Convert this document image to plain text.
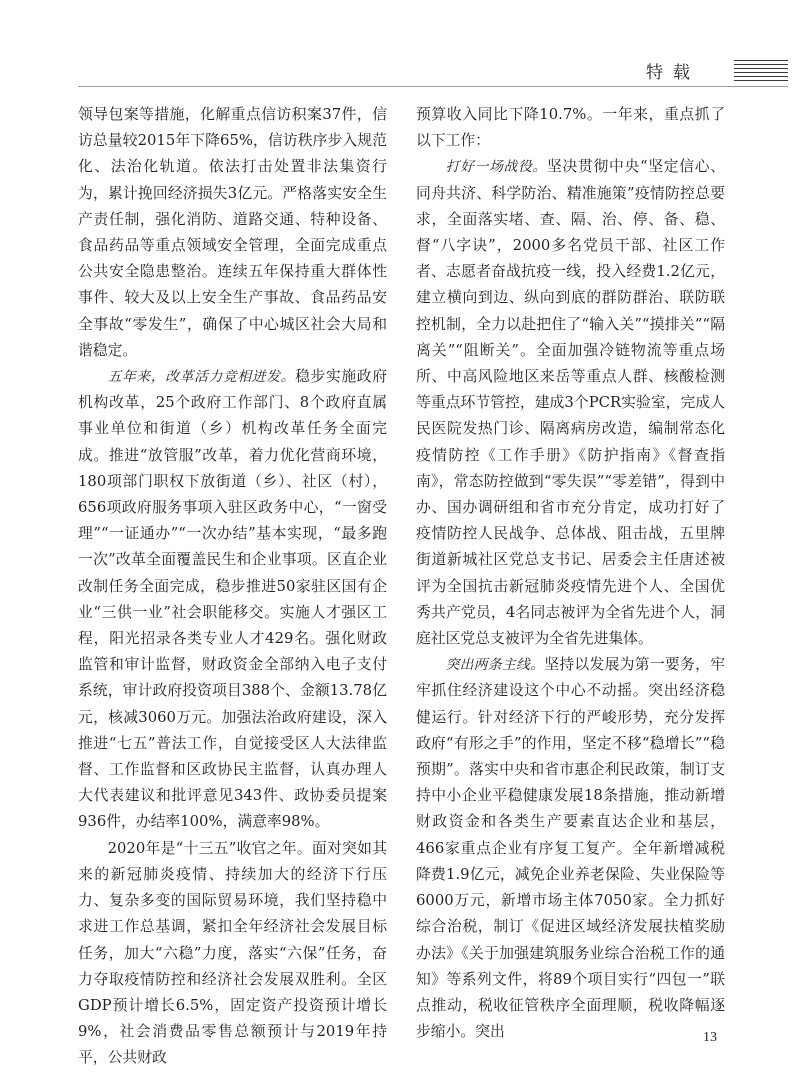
特载

领导包案等措施，化解重点信访积案37件，信访总量较2015年下降65%，信访秩序步入规范化、法治化轨道。依法打击处置非法集资行为，累计挽回经济损失3亿元。严格落实安全生产责任制，强化消防、道路交通、特种设备、食品药品等重点领域安全管理，全面完成重点公共安全隐患整治。连续五年保持重大群体性事件、较大及以上安全生产事故、食品药品安全事故“零发生”，确保了中心城区社会大局和谐稳定。

五年来，改革活力竞相迸发。稳步实施政府机构改革，25个政府工作部门、8个政府直属事业单位和街道（乡）机构改革任务全面完成。推进“放管服”改革，着力优化营商环境，180项部门职权下放街道（乡）、社区（村），656项政府服务事项入驻区政务中心，“一窗受理”“一证通办”“一次办结”基本实现，“最多跑一次”改革全面覆盖民生和企业事项。区直企业改制任务全面完成，稳步推进50家驻区国有企业“三供一业”社会职能移交。实施人才强区工程，阳光招录各类专业人才429名。强化财政监管和审计监督，财政资金全部纳入电子支付系统，审计政府投资项目388个、金额13.78亿元，核减3060万元。加强法治政府建设，深入推进“七五”普法工作，自觉接受区人大法律监督、工作监督和区政协民主监督，认真办理人大代表建议和批评意见343件、政协委员提案936件，办结率100%，满意率98%。

2020年是“十三五”收官之年。面对突如其来的新冠肺炎疫情、持续加大的经济下行压力、复杂多变的国际贸易环境，我们坚持稳中求进工作总基调，紧扣全年经济社会发展目标任务，加大“六稳”力度，落实“六保”任务，奋力夺取疫情防控和经济社会发展双胜利。全区GDP预计增长6.5%，固定资产投资预计增长9%，社会消费品零售总额预计与2019年持平，公共财政

预算收入同比下降10.7%。一年来，重点抓了以下工作：

打好一场战役。坚决贯彻中央“坚定信心、同舟共济、科学防治、精准施策”疫情防控总要求，全面落实堵、查、隔、治、停、备、稳、督“八字诀”，2000多名党员干部、社区工作者、志愿者奋战抗疫一线，投入经费1.2亿元，建立横向到边、纵向到底的群防群治、联防联控机制，全力以赴把住了“输入关”“摸排关”“隔离关”“阻断关”。全面加强冷链物流等重点场所、中高风险地区来岳等重点人群、核酸检测等重点环节管控，建成3个PCR实验室，完成人民医院发热门诊、隔离病房改造，编制常态化疫情防控《工作手册》《防护指南》《督查指南》，常态防控做到“零失误”“零差错”，得到中办、国办调研组和省市充分肯定，成功打好了疫情防控人民战争、总体战、阻击战，五里牌街道新城社区党总支书记、居委会主任唐述被评为全国抗击新冠肺炎疫情先进个人、全国优秀共产党员，4名同志被评为全省先进个人，洞庭社区党总支被评为全省先进集体。

突出两条主线。坚持以发展为第一要务，牢牢抓住经济建设这个中心不动摇。突出经济稳健运行。针对经济下行的严峻形势，充分发挥政府“有形之手”的作用，坚定不移“稳增长”“稳预期”。落实中央和省市惠企利民政策，制订支持中小企业平稳健康发展18条措施，推动新增财政资金和各类生产要素直达企业和基层，466家重点企业有序复工复产。全年新增减税降费1.9亿元，减免企业养老保险、失业保险等6000万元，新增市场主体7050家。全力抓好综合治税，制订《促进区域经济发展扶植奖励办法》《关于加强建筑服务业综合治税工作的通知》等系列文件，将89个项目实行“四包一”联点推动，税收征管秩序全面理顺，税收降幅逐步缩小。突出	13
